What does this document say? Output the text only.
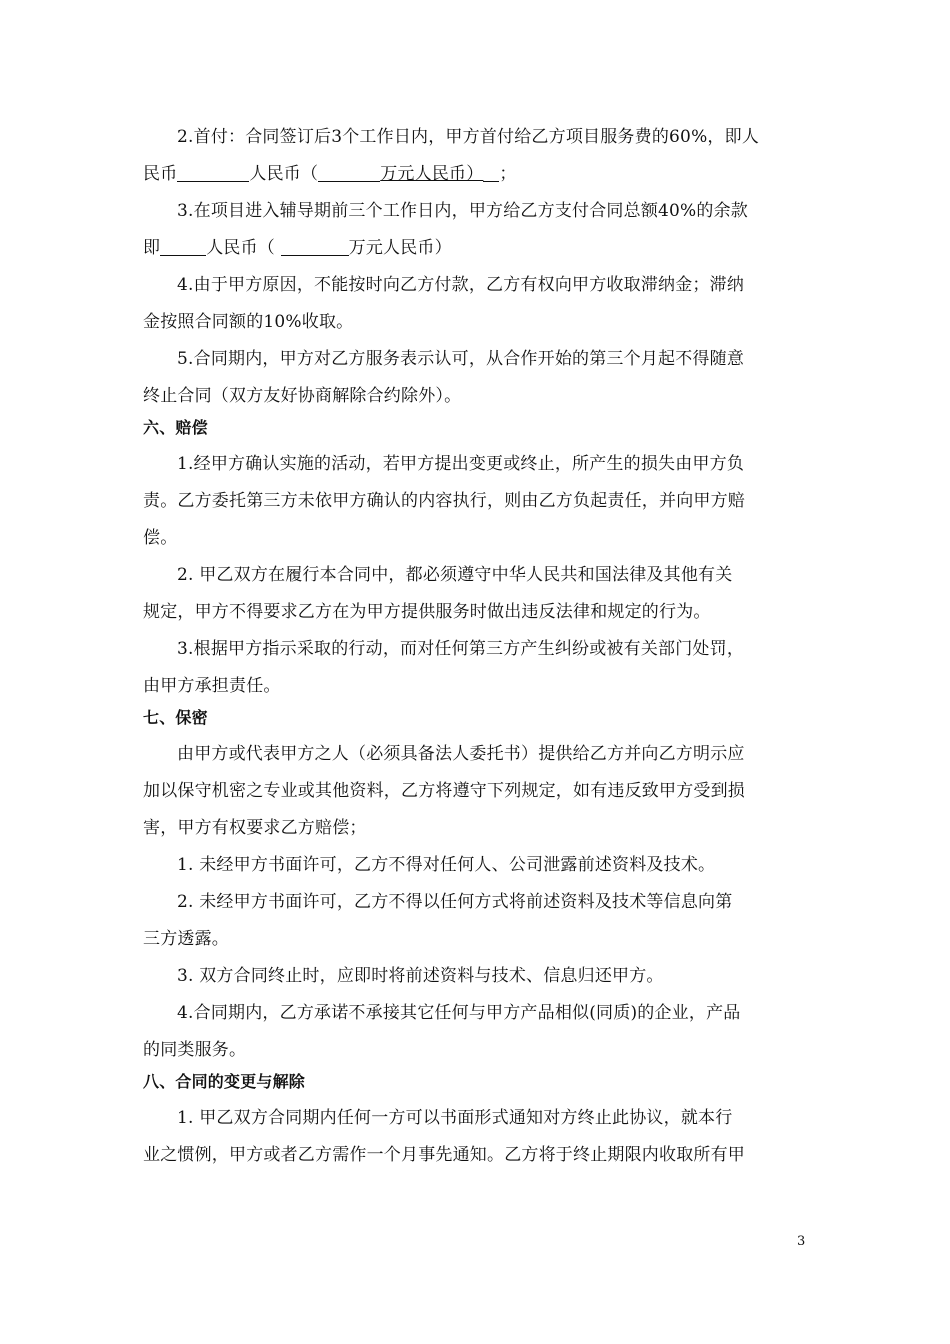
2.首付：合同签订后3个工作日内，甲方首付给乙方项目服务费的60%，即人
民币	人民币（	万元人民币） ；
3.在项目进入辅导期前三个工作日内，甲方给乙方支付合同总额40%的余款
即	人民币（	万元人民币）
4.由于甲方原因，不能按时向乙方付款，乙方有权向甲方收取滞纳金；滞纳
金按照合同额的10%收取。
5.合同期内，甲方对乙方服务表示认可，从合作开始的第三个月起不得随意
终止合同（双方友好协商解除合约除外）。
六、赔偿
1.经甲方确认实施的活动，若甲方提出变更或终止，所产生的损失由甲方负
责。乙方委托第三方未依甲方确认的内容执行，则由乙方负起责任，并向甲方赔
偿。
2. 甲乙双方在履行本合同中，都必须遵守中华人民共和国法律及其他有关
规定，甲方不得要求乙方在为甲方提供服务时做出违反法律和规定的行为。
3.根据甲方指示采取的行动，而对任何第三方产生纠纷或被有关部门处罚，
由甲方承担责任。
七、保密
由甲方或代表甲方之人（必须具备法人委托书）提供给乙方并向乙方明示应
加以保守机密之专业或其他资料，乙方将遵守下列规定，如有违反致甲方受到损
害，甲方有权要求乙方赔偿；
1. 未经甲方书面许可，乙方不得对任何人、公司泄露前述资料及技术。
2. 未经甲方书面许可，乙方不得以任何方式将前述资料及技术等信息向第
三方透露。
3. 双方合同终止时，应即时将前述资料与技术、信息归还甲方。
4.合同期内，乙方承诺不承接其它任何与甲方产品相似(同质)的企业，产品
的同类服务。
八、合同的变更与解除
1. 甲乙双方合同期内任何一方可以书面形式通知对方终止此协议，就本行
业之惯例，甲方或者乙方需作一个月事先通知。乙方将于终止期限内收取所有甲
3
